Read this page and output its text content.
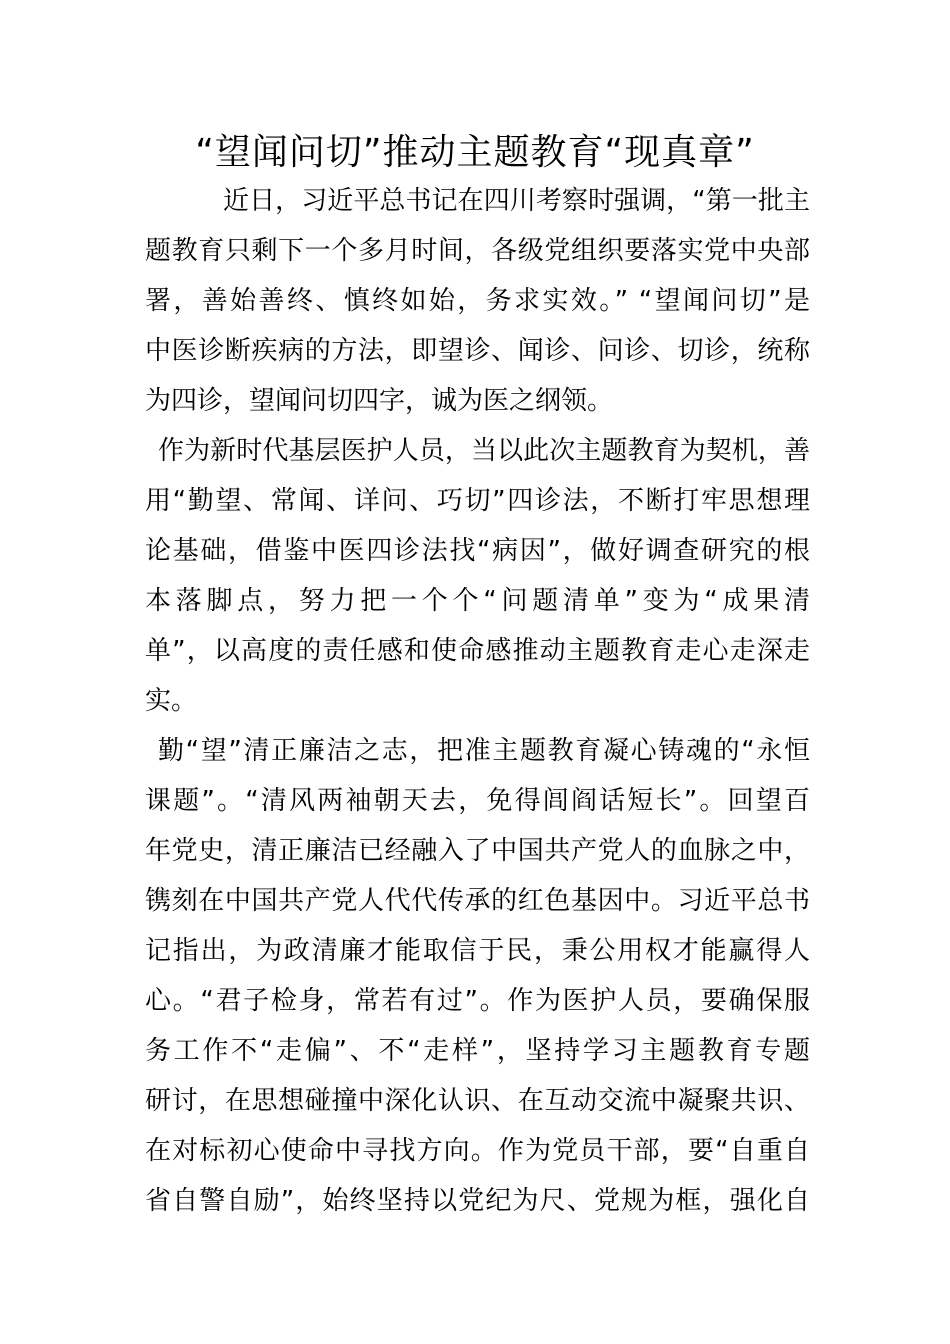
“望闻问切”推动主题教育“现真章”
近日，习近平总书记在四川考察时强调，“第一批主
题教育只剩下一个多月时间，各级党组织要落实党中央部
署，善始善终、慎终如始，务求实效。” “望闻问切”是
中医诊断疾病的方法，即望诊、闻诊、问诊、切诊，统称
为四诊，望闻问切四字，诚为医之纲领。
作为新时代基层医护人员，当以此次主题教育为契机，善
用“勤望、常闻、详问、巧切”四诊法，不断打牢思想理
论基础，借鉴中医四诊法找“病因”，做好调查研究的根
本落脚点，努力把一个个“问题清单”变为“成果清
单”，以高度的责任感和使命感推动主题教育走心走深走
实。
勤“望”清正廉洁之志，把准主题教育凝心铸魂的“永恒
课题”。“清风两袖朝天去，免得闾阎话短长”。回望百
年党史，清正廉洁已经融入了中国共产党人的血脉之中，
镌刻在中国共产党人代代传承的红色基因中。习近平总书
记指出，为政清廉才能取信于民，秉公用权才能赢得人
心。“君子检身，常若有过”。作为医护人员，要确保服
务工作不“走偏”、不“走样”，坚持学习主题教育专题
研讨，在思想碰撞中深化认识、在互动交流中凝聚共识、
在对标初心使命中寻找方向。作为党员干部，要“自重自
省自警自励”，始终坚持以党纪为尺、党规为框，强化自
